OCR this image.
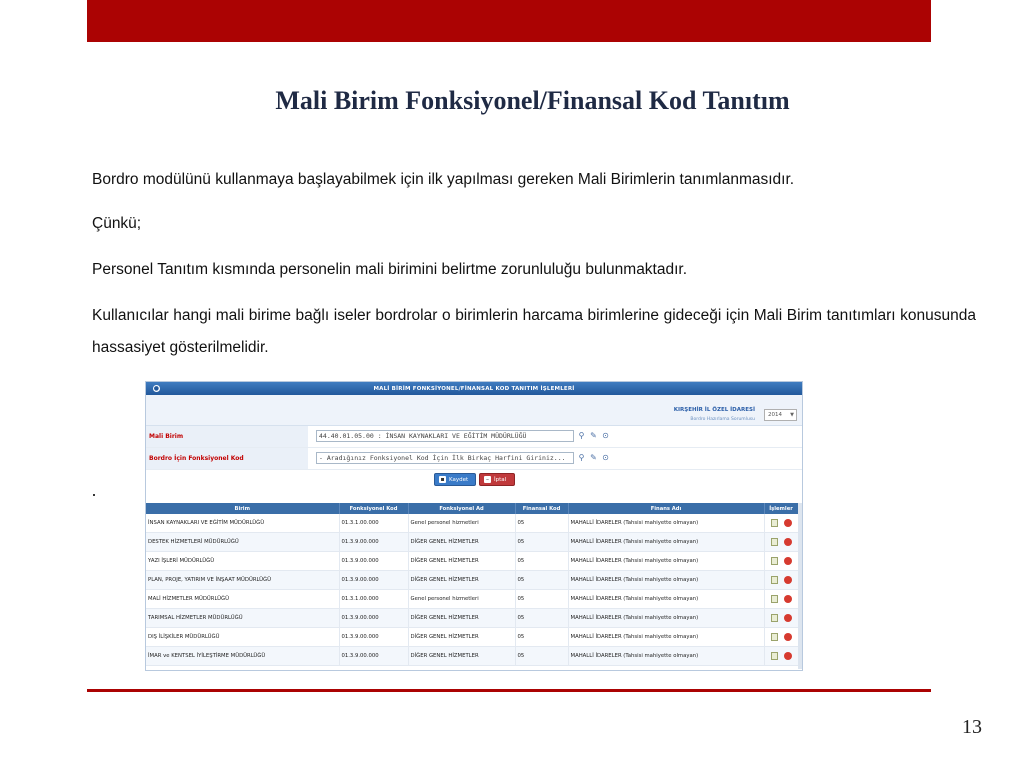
Mali Birim Fonksiyonel/Finansal Kod Tanıtım

Bordro modülünü kullanmaya başlayabilmek için ilk yapılması gereken Mali Birimlerin tanımlanmasıdır.

Çünkü;

Personel Tanıtım kısmında personelin mali birimini belirtme zorunluluğu bulunmaktadır.

Kullanıcılar hangi mali birime bağlı iseler bordrolar o birimlerin harcama birimlerine gideceği için Mali Birim tanıtımları konusunda hassasiyet gösterilmelidir.

·
●	MALİ BİRİM FONKSİYONEL/FİNANSAL KOD TANITIM İŞLEMLERİ
KIRŞEHİR İL ÖZEL İDARESİ
Bordro Hazırlama Sorumlusu
2014 ▼
Mali Birim	44.40.01.05.00 : İNSAN KAYNAKLARI VE EĞİTİM MÜDÜRLÜĞÜ	⚲ ✎ ⊙
Bordro İçin Fonksiyonel Kod	- Aradığınız Fonksiyonel Kod İçin İlk Birkaç Harfini Giriniz...	⚲ ✎ ⊙
▪ Kaydet	– İptal
Birim	Fonksiyonel Kod	Fonksiyonel Ad	Finansal Kod	Finans Adı	İşlemler
İNSAN KAYNAKLARI VE EĞİTİM MÜDÜRLÜĞÜ	01.3.1.00.000	Genel personel hizmetleri	05	MAHALLİ İDARELER (Tahsisi mahiyette olmayan)	

DESTEK HİZMETLERİ MÜDÜRLÜĞÜ	01.3.9.00.000	DİĞER GENEL HİZMETLER	05	MAHALLİ İDARELER (Tahsisi mahiyette olmayan)	

YAZI İŞLERİ MÜDÜRLÜĞÜ	01.3.9.00.000	DİĞER GENEL HİZMETLER	05	MAHALLİ İDARELER (Tahsisi mahiyette olmayan)	

PLAN, PROJE, YATIRIM VE İNŞAAT MÜDÜRLÜĞÜ	01.3.9.00.000	DİĞER GENEL HİZMETLER	05	MAHALLİ İDARELER (Tahsisi mahiyette olmayan)	

MALİ HİZMETLER MÜDÜRLÜĞÜ	01.3.1.00.000	Genel personel hizmetleri	05	MAHALLİ İDARELER (Tahsisi mahiyette olmayan)	

TARIMSAL HİZMETLER MÜDÜRLÜĞÜ	01.3.9.00.000	DİĞER GENEL HİZMETLER	05	MAHALLİ İDARELER (Tahsisi mahiyette olmayan)	

DIŞ İLİŞKİLER MÜDÜRLÜĞÜ	01.3.9.00.000	DİĞER GENEL HİZMETLER	05	MAHALLİ İDARELER (Tahsisi mahiyette olmayan)	

İMAR ve KENTSEL İYİLEŞTİRME MÜDÜRLÜĞÜ	01.3.9.00.000	DİĞER GENEL HİZMETLER	05	MAHALLİ İDARELER (Tahsisi mahiyette olmayan)	
13
